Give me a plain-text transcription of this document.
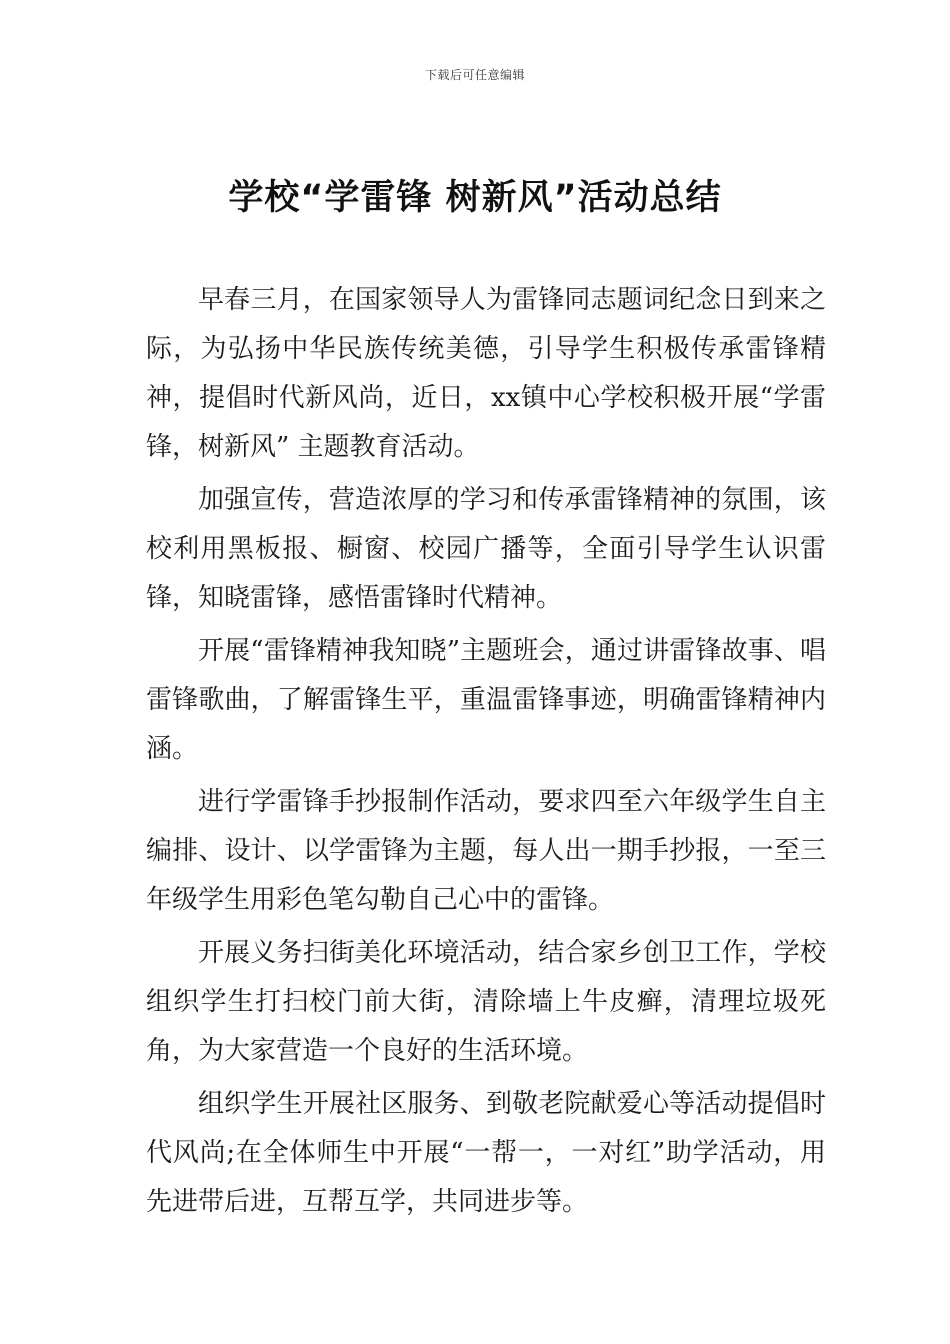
下载后可任意编辑
学校“学雷锋 树新风”活动总结

早春三月，在国家领导人为雷锋同志题词纪念日到来之际，为弘扬中华民族传统美德，引导学生积极传承雷锋精神，提倡时代新风尚，近日，xx镇中心学校积极开展“学雷锋，树新风” 主题教育活动。

加强宣传，营造浓厚的学习和传承雷锋精神的氛围，该校利用黑板报、橱窗、校园广播等，全面引导学生认识雷锋，知晓雷锋，感悟雷锋时代精神。

开展“雷锋精神我知晓”主题班会，通过讲雷锋故事、唱雷锋歌曲，了解雷锋生平，重温雷锋事迹，明确雷锋精神内涵。

进行学雷锋手抄报制作活动，要求四至六年级学生自主编排、设计、以学雷锋为主题，每人出一期手抄报，一至三年级学生用彩色笔勾勒自己心中的雷锋。

开展义务扫街美化环境活动，结合家乡创卫工作，学校组织学生打扫校门前大街，清除墙上牛皮癣，清理垃圾死角，为大家营造一个良好的生活环境。

组织学生开展社区服务、到敬老院献爱心等活动提倡时代风尚;在全体师生中开展“一帮一，一对红”助学活动，用先进带后进，互帮互学，共同进步等。
